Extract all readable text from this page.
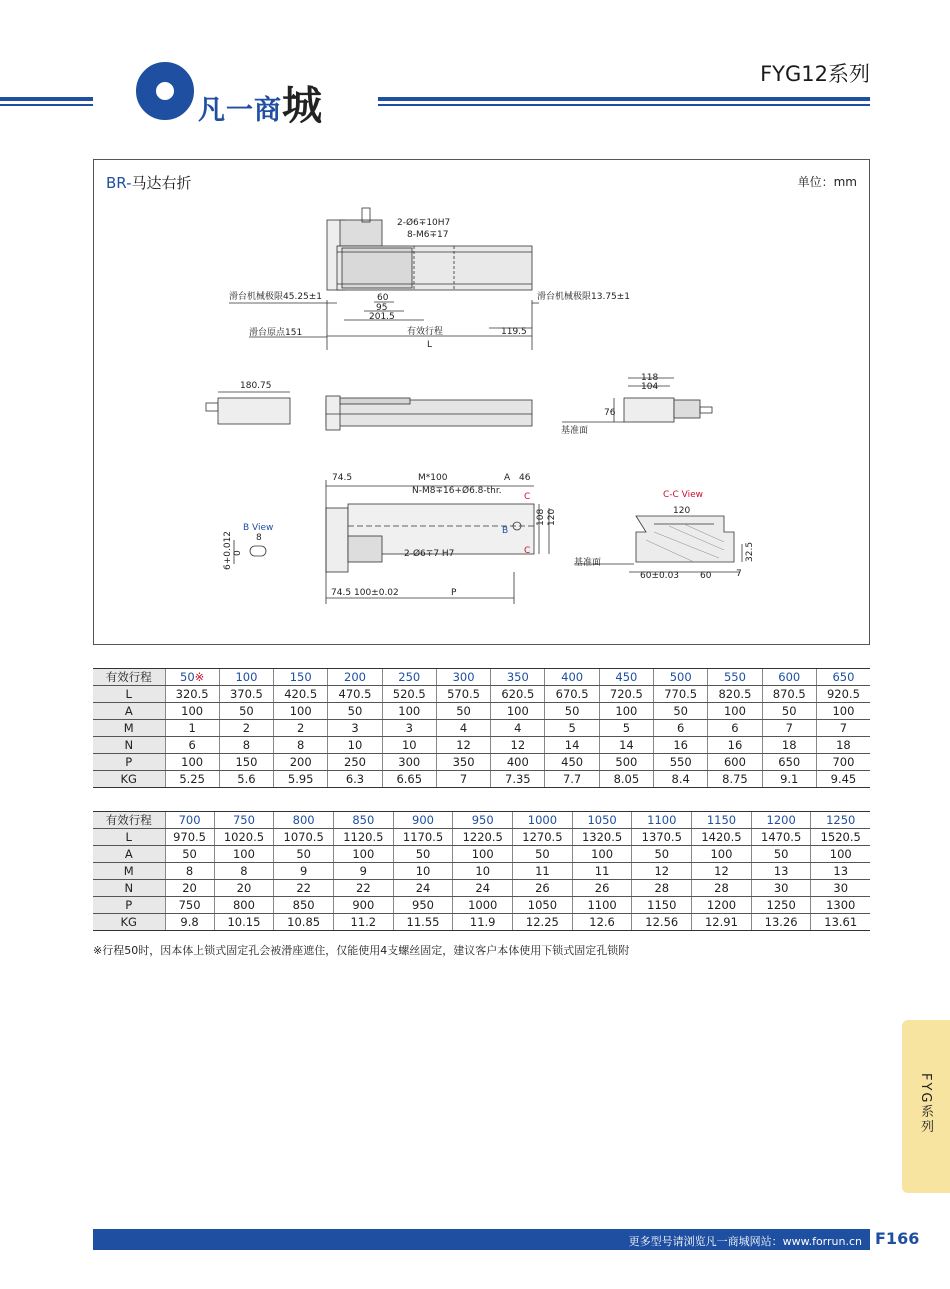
凡一商城
FYG12系列
BR-马达右折	单位：mm
2-Ø6∓10H7
8-M6∓17
滑台机械极限45.25±1	滑台机械极限13.75±1
60
95
201.5
滑台原点151	有效行程	119.5
L
180.75
118
104
76
基准面
74.5	M*100	A 46
N-M8∓16+Ø6.8-thr.
C
C
B
108 120
2-Ø6∓7 H7
74.5 100±0.02	P
B View
8
6+0.012 0
C-C View
120
32.5
7
60±0.03 60
基准面
有效行程	50※	100	150	200	250	300	350	400	450	500	550	600	650
L	320.5	370.5	420.5	470.5	520.5	570.5	620.5	670.5	720.5	770.5	820.5	870.5	920.5
A	100	50	100	50	100	50	100	50	100	50	100	50	100
M	1	2	2	3	3	4	4	5	5	6	6	7	7
N	6	8	8	10	10	12	12	14	14	16	16	18	18
P	100	150	200	250	300	350	400	450	500	550	600	650	700
KG	5.25	5.6	5.95	6.3	6.65	7	7.35	7.7	8.05	8.4	8.75	9.1	9.45
有效行程	700	750	800	850	900	950	1000	1050	1100	1150	1200	1250
L	970.5	1020.5	1070.5	1120.5	1170.5	1220.5	1270.5	1320.5	1370.5	1420.5	1470.5	1520.5
A	50	100	50	100	50	100	50	100	50	100	50	100
M	8	8	9	9	10	10	11	11	12	12	13	13
N	20	20	22	22	24	24	26	26	28	28	30	30
P	750	800	850	900	950	1000	1050	1100	1150	1200	1250	1300
KG	9.8	10.15	10.85	11.2	11.55	11.9	12.25	12.6	12.56	12.91	13.26	13.61
※行程50时，因本体上锁式固定孔会被滑座遮住，仅能使用4支螺丝固定，建议客户本体使用下锁式固定孔锁附
FYG系列
更多型号请浏览凡一商城网站：www.forrun.cn F166
